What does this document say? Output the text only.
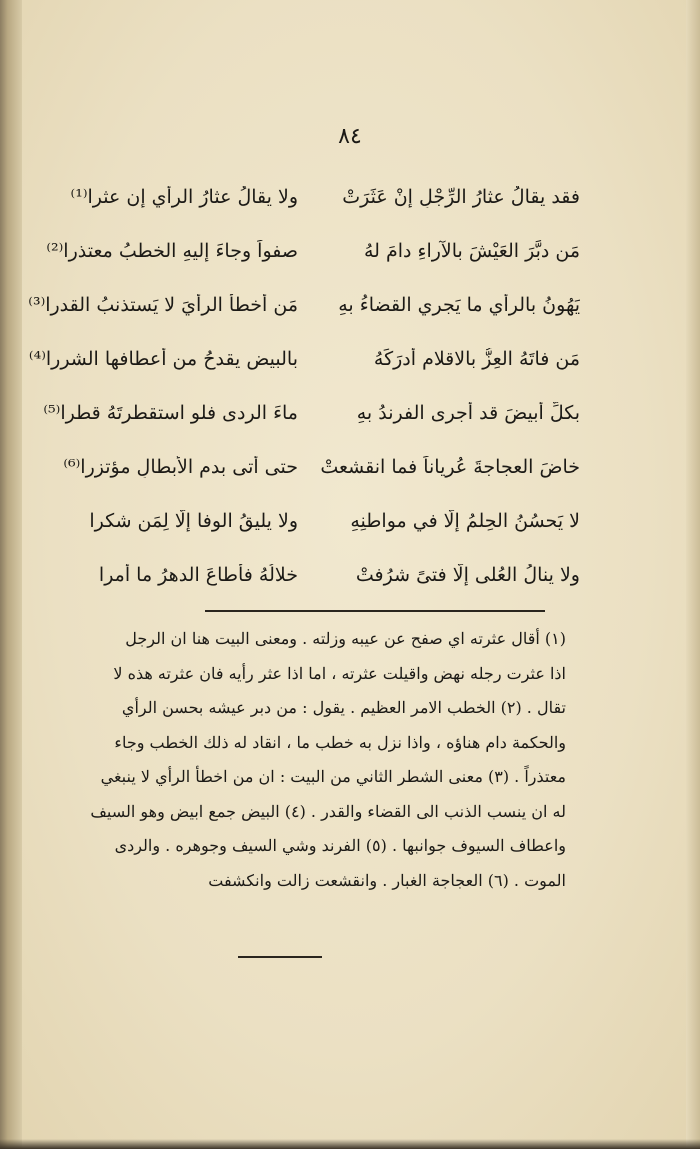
٨٤
فقد يقالُ عثارُ الرِّجْلِ إنْ عَثَرَتْ
ولا يقالُ عثارُ الرأيِ إن عثرا⁽¹⁾
مَن دبَّرَ العَيْشَ بالآراءِ دامَ لهُ
صفواً وجاءَ إليهِ الخطبُ معتذرا⁽²⁾
يَهُونُ بالرأيِ ما يَجري القضاءُ بهِ
مَن أخطأ الرأيَ لا يَستذنبُ القدرا⁽³⁾
مَن فاتَهُ العِزُّ بالاقلامِ أدرَكَهُ
بالبيضِ يقدحُ من أعطافها الشررا⁽⁴⁾
بكلِّ أبيضَ قد أجرى الفرندُ بهِ
ماءَ الردى فلو استقطرتَهُ قطرا⁽⁵⁾
خاضَ العجاجةَ عُرياناً فما انقشعتْ
حتى أتى بدمِ الأبطالِ مؤتزرا⁽⁶⁾
لا يَحسُنُ الحِلمُ إلّا في مواطنِهِ
ولا يليقُ الوفا إلّا لِمَن شكرا
ولا ينالُ العُلى إلّا فتىً شرُفتْ
خلالُهُ فأطاعَ الدهرُ ما أمرا

(١) أقال عثرته اي صفح عن عيبه وزلته . ومعنى البيت هنا ان الرجل

اذا عثرت رجله نهض واقيلت عثرته ، اما اذا عثر رأيه فان عثرته هذه لا

تقال . (٢) الخطب الامر العظيم . يقول : من دبر عيشه بحسن الرأي

والحكمة دام هناؤه ، واذا نزل به خطب ما ، انقاد له ذلك الخطب وجاء

معتذراً . (٣) معنى الشطر الثاني من البيت : ان من اخطأ الرأي لا ينبغي

له ان ينسب الذنب الى القضاء والقدر . (٤) البيض جمع ابيض وهو السيف

واعطاف السيوف جوانبها . (٥) الفرند وشي السيف وجوهره . والردى

الموت . (٦) العجاجة الغبار . وانقشعت زالت وانكشفت
